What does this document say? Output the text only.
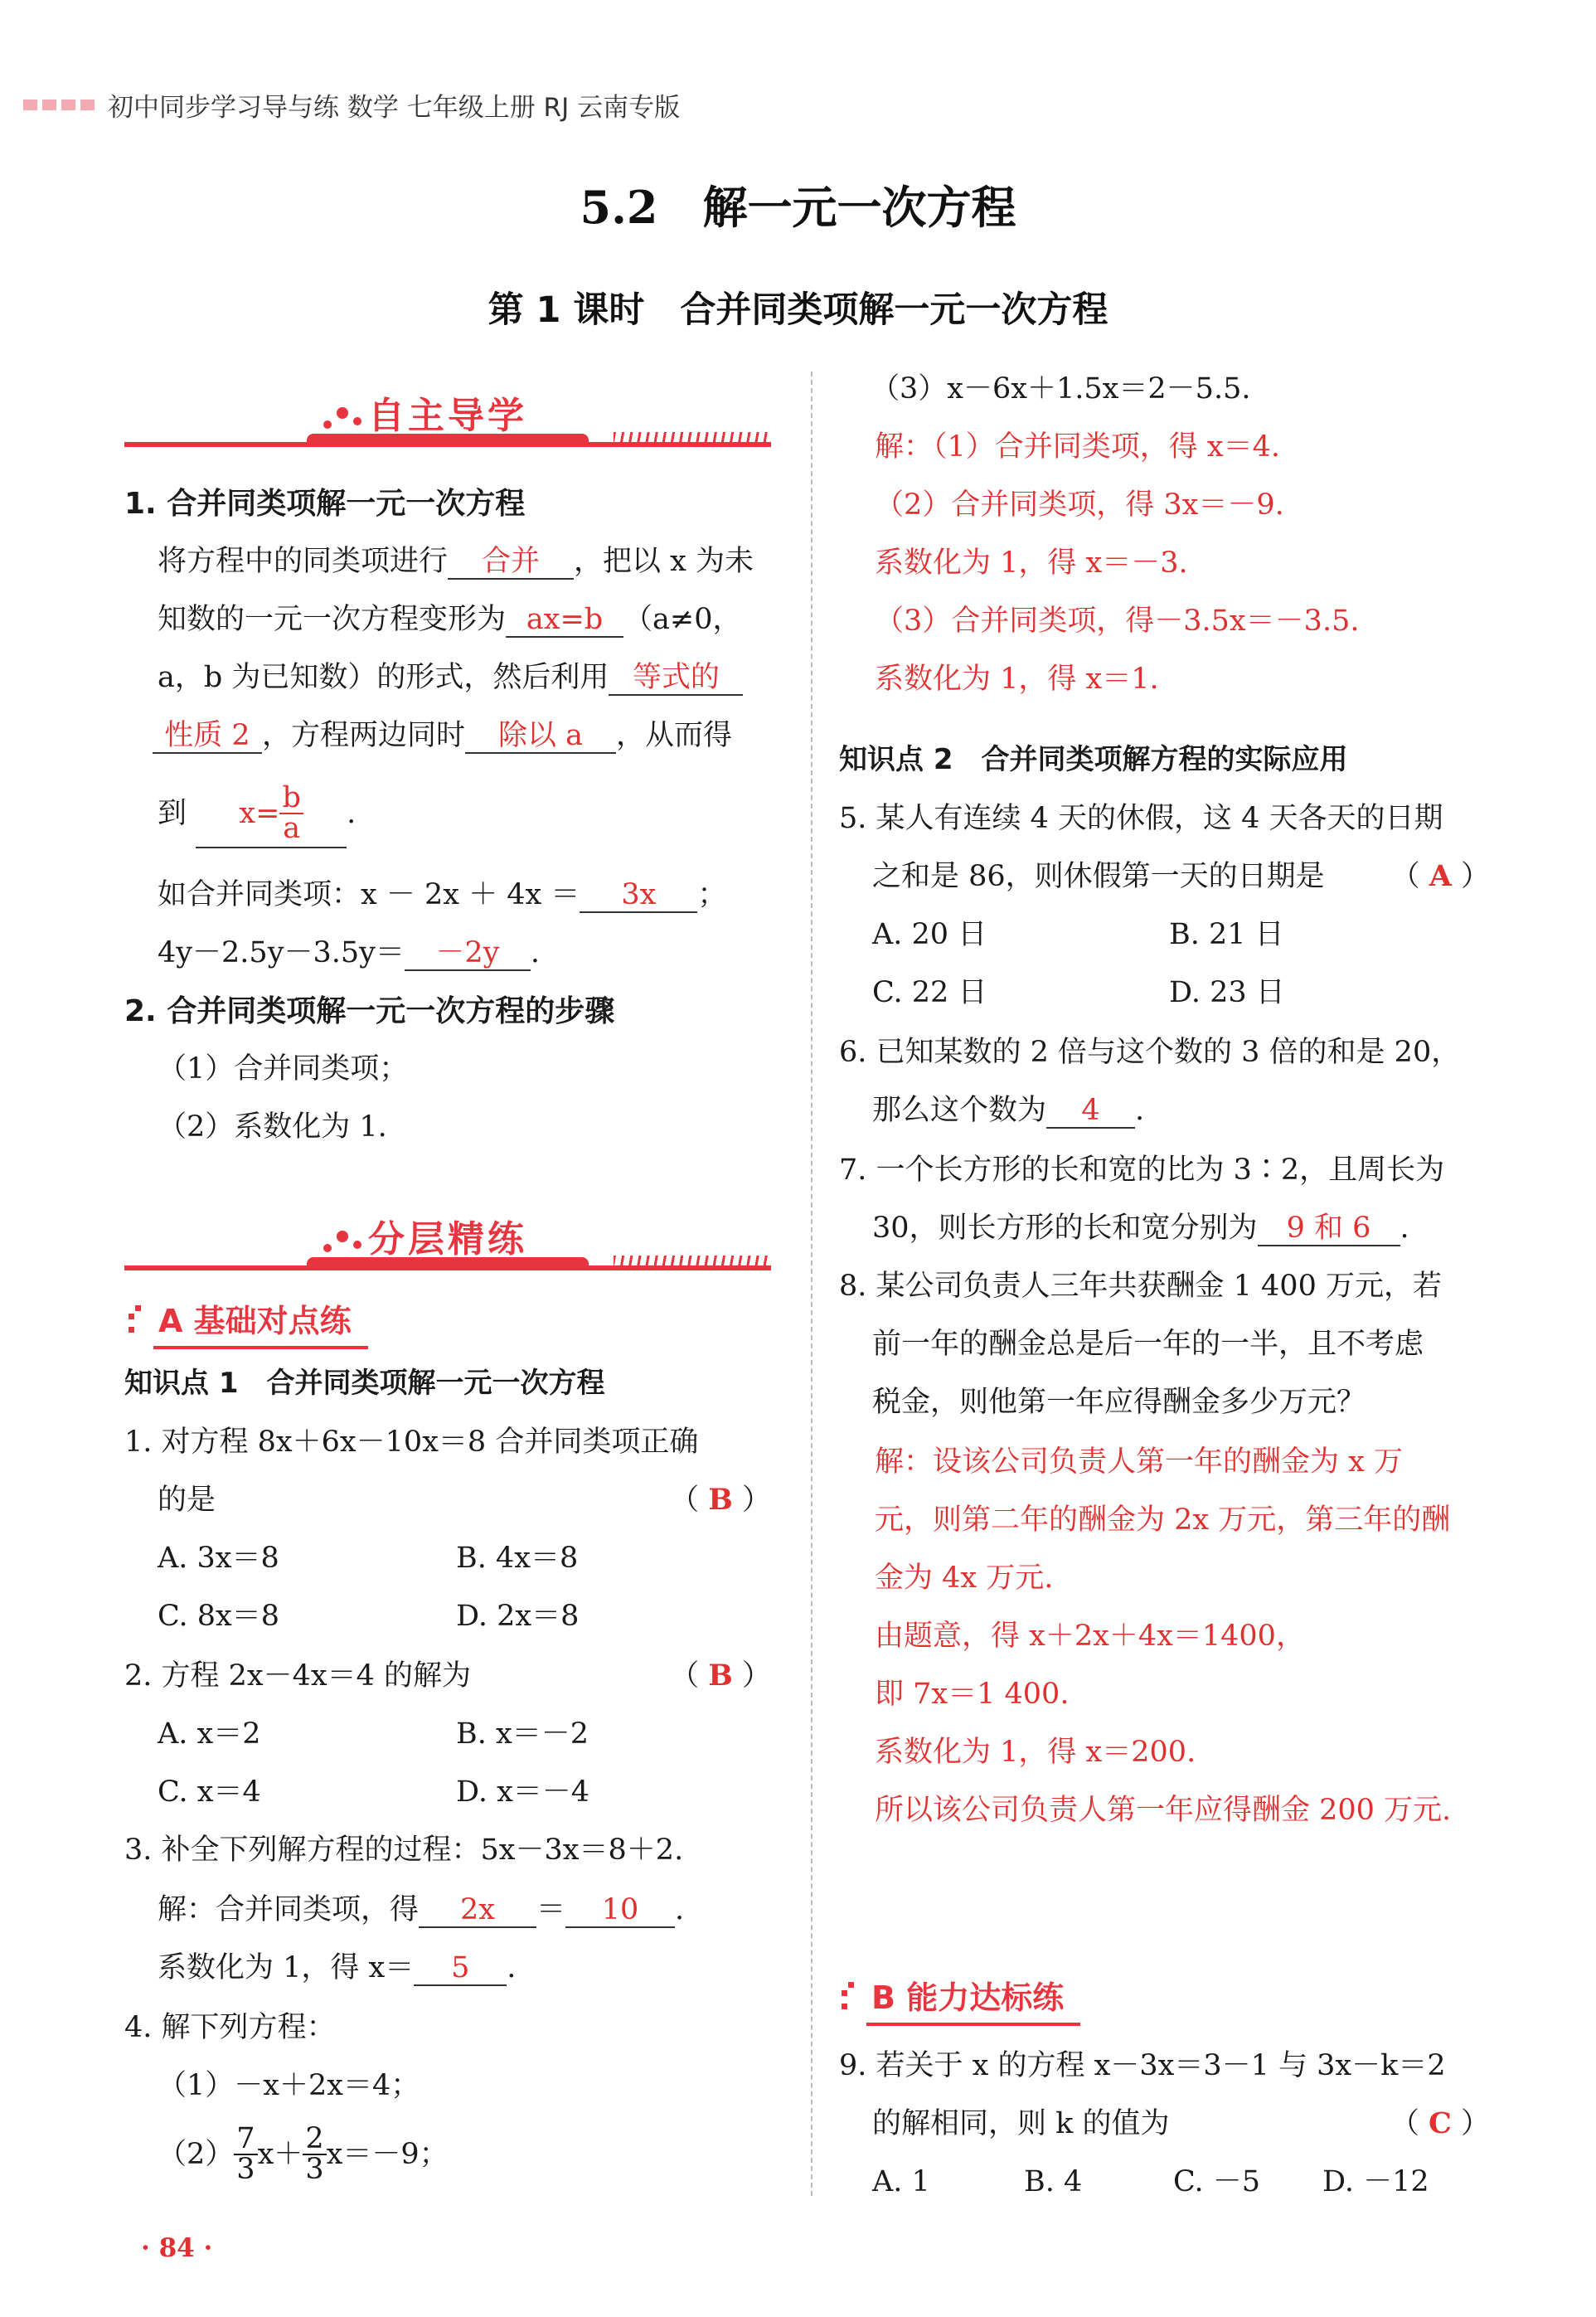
初中同步学习导与练 数学 七年级上册 RJ 云南专版
5.2　解一元一次方程
第 1 课时　合并同类项解一元一次方程
自主导学
1. 合并同类项解一元一次方程
将方程中的同类项进行 合并 ，把以 x 为未
知数的一元一次方程变形为 ax=b （a≠0，
a，b 为已知数）的形式，然后利用 等式的
性质 2 ，方程两边同时 除以 a ，从而得
到 $x= \frac{b}{a}$ .
如合并同类项：x － 2x ＋ 4x ＝ 3x ；
4y－2.5y－3.5y＝ －2y .
2. 合并同类项解一元一次方程的步骤
（1）合并同类项；
（2）系数化为 1.
分层精练
A 基础对点练
知识点 1　合并同类项解一元一次方程
1. 对方程 8x＋6x－10x＝8 合并同类项正确
的是	（ B ）
A. 3x＝8	B. 4x＝8
C. 8x＝8	D. 2x＝8
2. 方程 2x－4x＝4 的解为	（ B ）
A. x＝2	B. x＝－2
C. x＝4	D. x＝－4
3. 补全下列解方程的过程：5x－3x＝8＋2.
解：合并同类项，得 2x ＝ 10 .
系数化为 1，得 x＝ 5 .
4. 解下列方程：
（1）－x＋2x＝4；
$(2) \frac{7}{3} x+ \frac{2}{3} x=-9$；
（3）x－6x＋1.5x＝2－5.5.
解：（1）合并同类项，得 x＝4.
（2）合并同类项，得 3x＝－9.
系数化为 1，得 x＝－3.
（3）合并同类项，得－3.5x＝－3.5.
系数化为 1，得 x＝1.
知识点 2　合并同类项解方程的实际应用
5. 某人有连续 4 天的休假，这 4 天各天的日期
之和是 86，则休假第一天的日期是 （ A ）
A. 20 日	B. 21 日
C. 22 日	D. 23 日
6. 已知某数的 2 倍与这个数的 3 倍的和是 20，
那么这个数为 4 .
7. 一个长方形的长和宽的比为 3∶2，且周长为
30，则长方形的长和宽分别为 9 和 6 .
8. 某公司负责人三年共获酬金 1 400 万元，若
前一年的酬金总是后一年的一半，且不考虑
税金，则他第一年应得酬金多少万元？
解：设该公司负责人第一年的酬金为 x 万
元，则第二年的酬金为 2x 万元，第三年的酬
金为 4x 万元.
由题意，得 x＋2x＋4x＝1400，
即 7x＝1 400.
系数化为 1，得 x＝200.
所以该公司负责人第一年应得酬金 200 万元.
B 能力达标练
9. 若关于 x 的方程 x－3x＝3－1 与 3x－k＝2
的解相同，则 k 的值为	（ C ）
A. 1	B. 4	C. －5 D. －12
· 84 ·
